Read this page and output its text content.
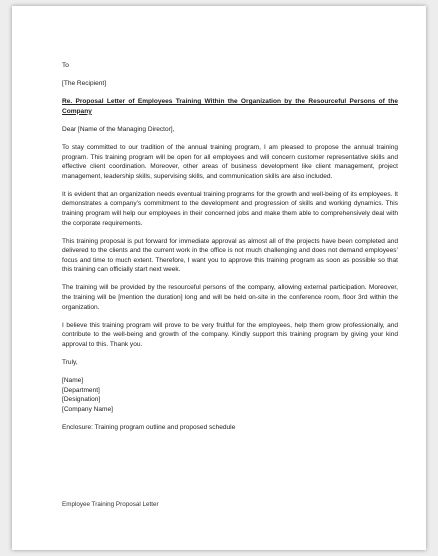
To

[The Recipient]

Re. Proposal Letter of Employees Training Within the Organization by the Resourceful Persons of the Company

Dear [Name of the Managing Director],

To stay committed to our tradition of the annual training program, I am pleased to propose the annual training program. This training program will be open for all employees and will concern customer representative skills and effective client coordination. Moreover, other areas of business development like client management, project management, leadership skills, supervising skills, and communication skills are also included.

It is evident that an organization needs eventual training programs for the growth and well-being of its employees. It demonstrates a company’s commitment to the development and progression of skills and working dynamics. This training program will help our employees in their concerned jobs and make them able to comprehensively deal with the corporate requirements.

This training proposal is put forward for immediate approval as almost all of the projects have been completed and delivered to the clients and the current work in the office is not much challenging and does not demand employees’ focus and time to much extent. Therefore, I want you to approve this training program as soon as possible so that this training can officially start next week.

The training will be provided by the resourceful persons of the company, allowing external participation. Moreover, the training will be [mention the duration] long and will be held on-site in the conference room, floor 3rd within the organization.

I believe this training program will prove to be very fruitful for the employees, help them grow professionally, and contribute to the well-being and growth of the company. Kindly support this training program by giving your kind approval to this. Thank you.

Truly,

[Name]
[Department]
[Designation]
[Company Name]

Enclosure: Training program outline and proposed schedule

Employee Training Proposal Letter
